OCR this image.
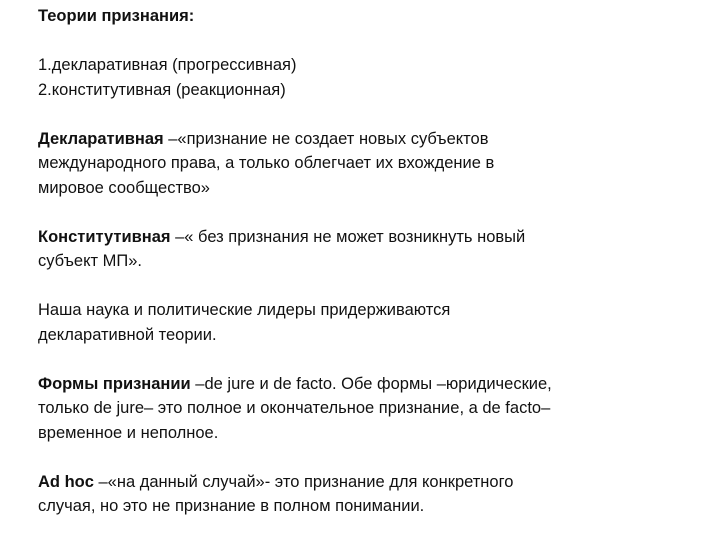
Теории признания:
1.декларативная (прогрессивная)
2.конститутивная (реакционная)
Декларативная –«признание не создает новых субъектов
международного права, а только облегчает их вхождение в
мировое сообщество»
Конститутивная –« без признания не может возникнуть новый
субъект МП».
Наша наука и политические лидеры придерживаются
декларативной теории.
Формы признании –de jure и de facto. Обе формы –юридические,
только de jure– это полное и окончательное признание, а de facto–
временное и неполное.
Ad hoc –«на данный случай»- это признание для конкретного
случая, но это не признание в полном понимании.
